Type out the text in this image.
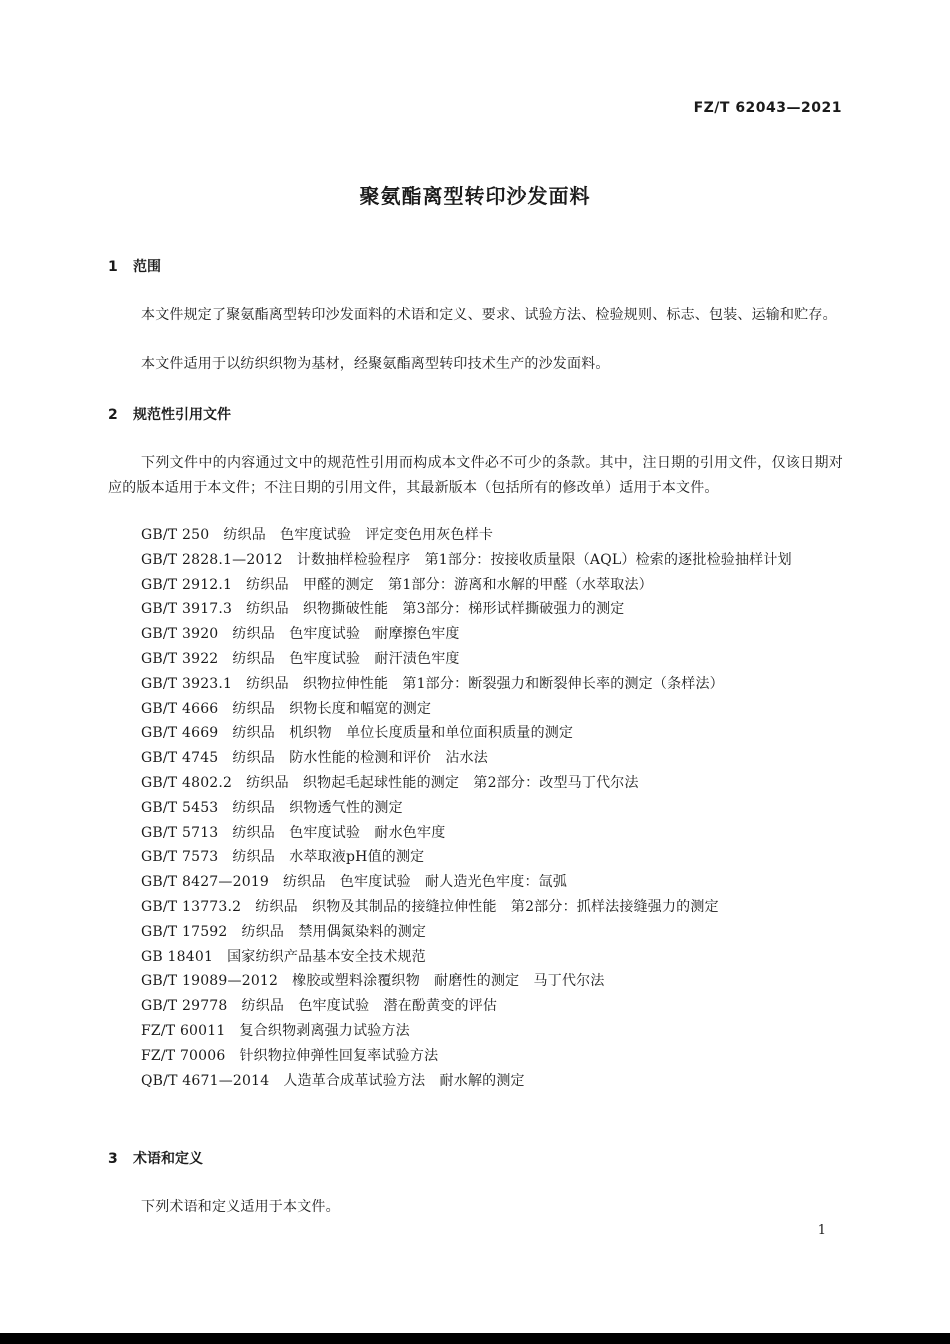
FZ/T 62043—2021
聚氨酯离型转印沙发面料
1 范围

本文件规定了聚氨酯离型转印沙发面料的术语和定义、要求、试验方法、检验规则、标志、包装、运输和贮存。

本文件适用于以纺织织物为基材，经聚氨酯离型转印技术生产的沙发面料。

2 规范性引用文件

下列文件中的内容通过文中的规范性引用而构成本文件必不可少的条款。其中，注日期的引用文件，仅该日期对应的版本适用于本文件；不注日期的引用文件，其最新版本（包括所有的修改单）适用于本文件。

GB/T 250 纺织品　色牢度试验　评定变色用灰色样卡
GB/T 2828.1—2012 计数抽样检验程序　第1部分：按接收质量限（AQL）检索的逐批检验抽样计划
GB/T 2912.1 纺织品　甲醛的测定　第1部分：游离和水解的甲醛（水萃取法）
GB/T 3917.3 纺织品　织物撕破性能　第3部分：梯形试样撕破强力的测定
GB/T 3920 纺织品　色牢度试验　耐摩擦色牢度
GB/T 3922 纺织品　色牢度试验　耐汗渍色牢度
GB/T 3923.1 纺织品　织物拉伸性能　第1部分：断裂强力和断裂伸长率的测定（条样法）
GB/T 4666 纺织品　织物长度和幅宽的测定
GB/T 4669 纺织品　机织物　单位长度质量和单位面积质量的测定
GB/T 4745 纺织品　防水性能的检测和评价　沾水法
GB/T 4802.2 纺织品　织物起毛起球性能的测定　第2部分：改型马丁代尔法
GB/T 5453 纺织品　织物透气性的测定
GB/T 5713 纺织品　色牢度试验　耐水色牢度
GB/T 7573 纺织品　水萃取液pH值的测定
GB/T 8427—2019 纺织品　色牢度试验　耐人造光色牢度：氙弧
GB/T 13773.2 纺织品　织物及其制品的接缝拉伸性能　第2部分：抓样法接缝强力的测定
GB/T 17592 纺织品　禁用偶氮染料的测定
GB 18401 国家纺织产品基本安全技术规范
GB/T 19089—2012 橡胶或塑料涂覆织物　耐磨性的测定　马丁代尔法
GB/T 29778 纺织品　色牢度试验　潜在酚黄变的评估
FZ/T 60011 复合织物剥离强力试验方法
FZ/T 70006 针织物拉伸弹性回复率试验方法
QB/T 4671—2014 人造革合成革试验方法　耐水解的测定
3 术语和定义

下列术语和定义适用于本文件。

1
